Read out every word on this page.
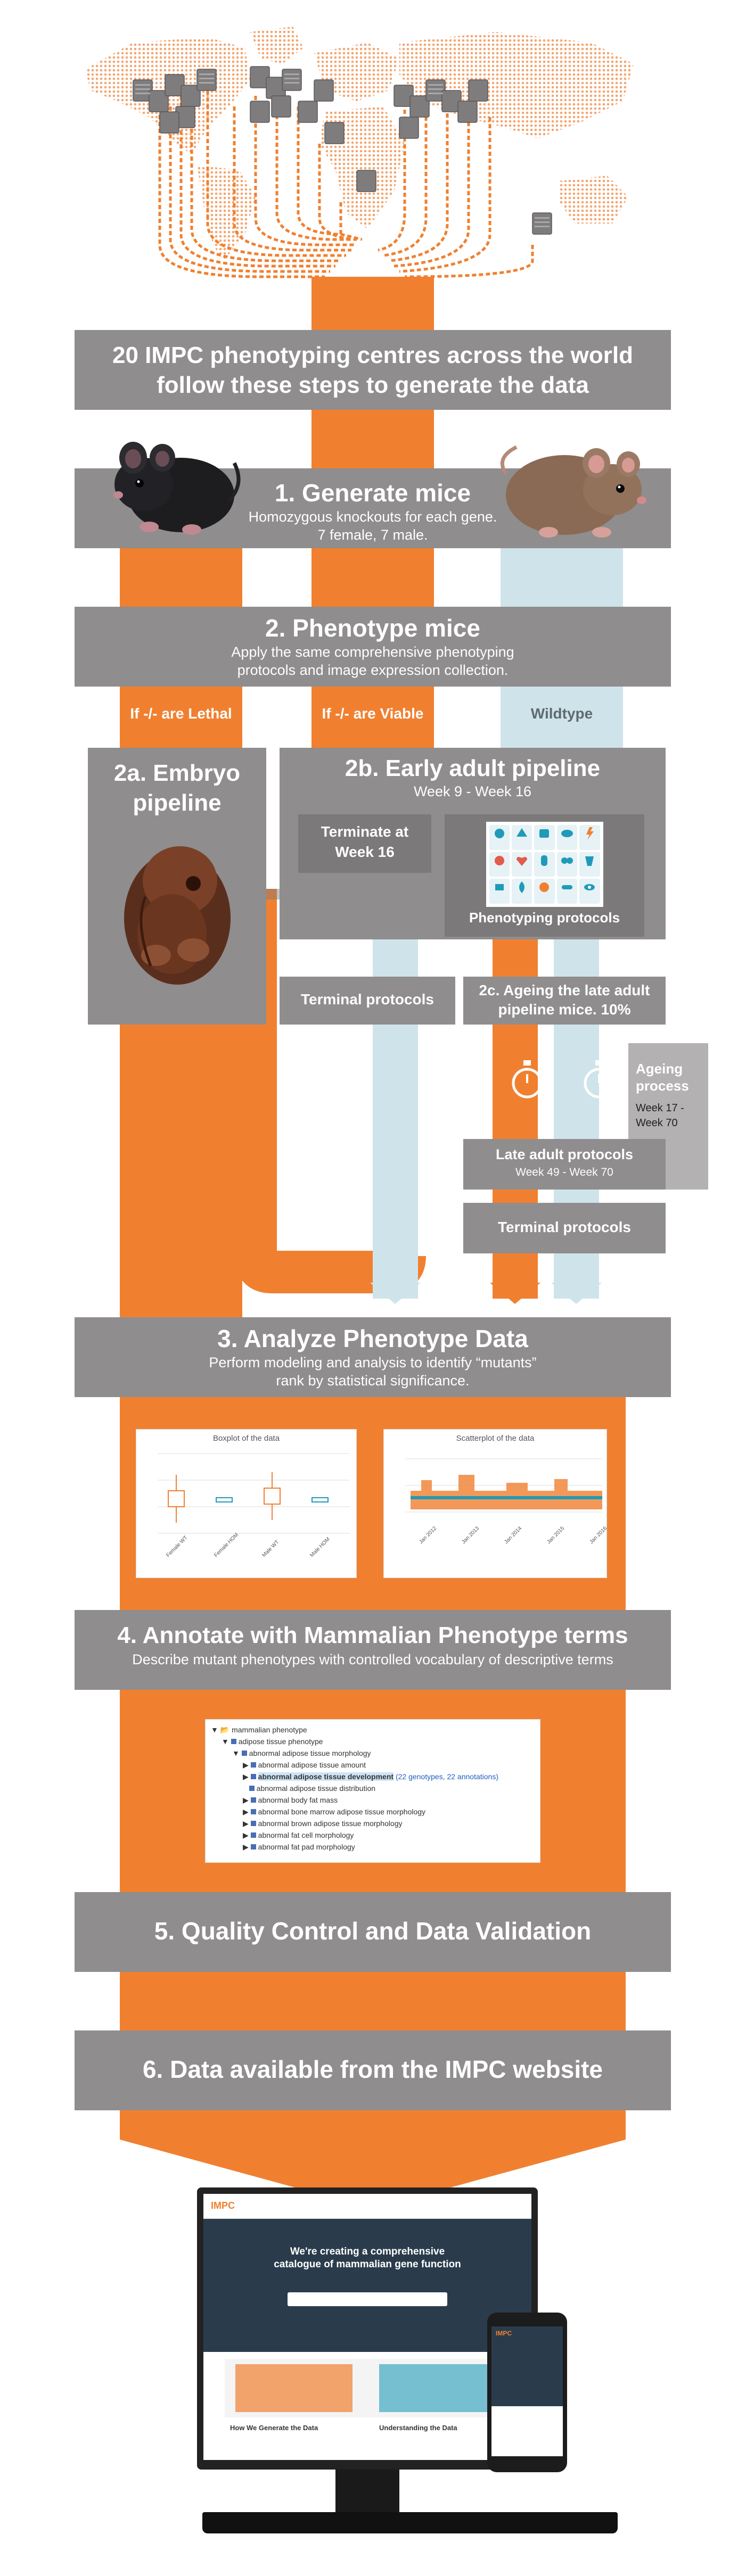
20 IMPC phenotyping centres across the world
follow these steps to generate the data
1. Generate mice
Homozygous knockouts for each gene.
7 female, 7 male.
2. Phenotype mice
Apply the same comprehensive phenotyping
protocols and image expression collection.
If -/- are Lethal	If -/- are Viable	Wildtype
2a. Embryo
pipeline
2b. Early adult pipeline
Week 9 - Week 16
Terminate at
Week 16
Phenotyping protocols
Terminal protocols
2c. Ageing the late adult
pipeline mice. 10%
Ageing
process
Week 17 -
Week 70
Late adult protocols
Week 49 - Week 70
Terminal protocols
3. Analyze Phenotype Data
Perform modeling and analysis to identify “mutants”
rank by statistical significance.
Boxplot of the data
Female WT	Female HOM	Male WT	Male HOM
Scatterplot of the data
Jan 2012	Jan 2013	Jan 2014	Jan 2015	Jan 2016
4. Annotate with Mammalian Phenotype terms
Describe mutant phenotypes with controlled vocabulary of descriptive terms
▼ 📂 mammalian phenotype
▼ adipose tissue phenotype
▼ abnormal adipose tissue morphology
▶ abnormal adipose tissue amount
▶ abnormal adipose tissue development (22 genotypes, 22 annotations)
abnormal adipose tissue distribution
▶ abnormal body fat mass
▶ abnormal bone marrow adipose tissue morphology
▶ abnormal brown adipose tissue morphology
▶ abnormal fat cell morphology
▶ abnormal fat pad morphology
5. Quality Control and Data Validation
6. Data available from the IMPC website
IMPC
We're creating a comprehensive
catalogue of mammalian gene function
How We Generate the Data	Understanding the Data
IMPC
